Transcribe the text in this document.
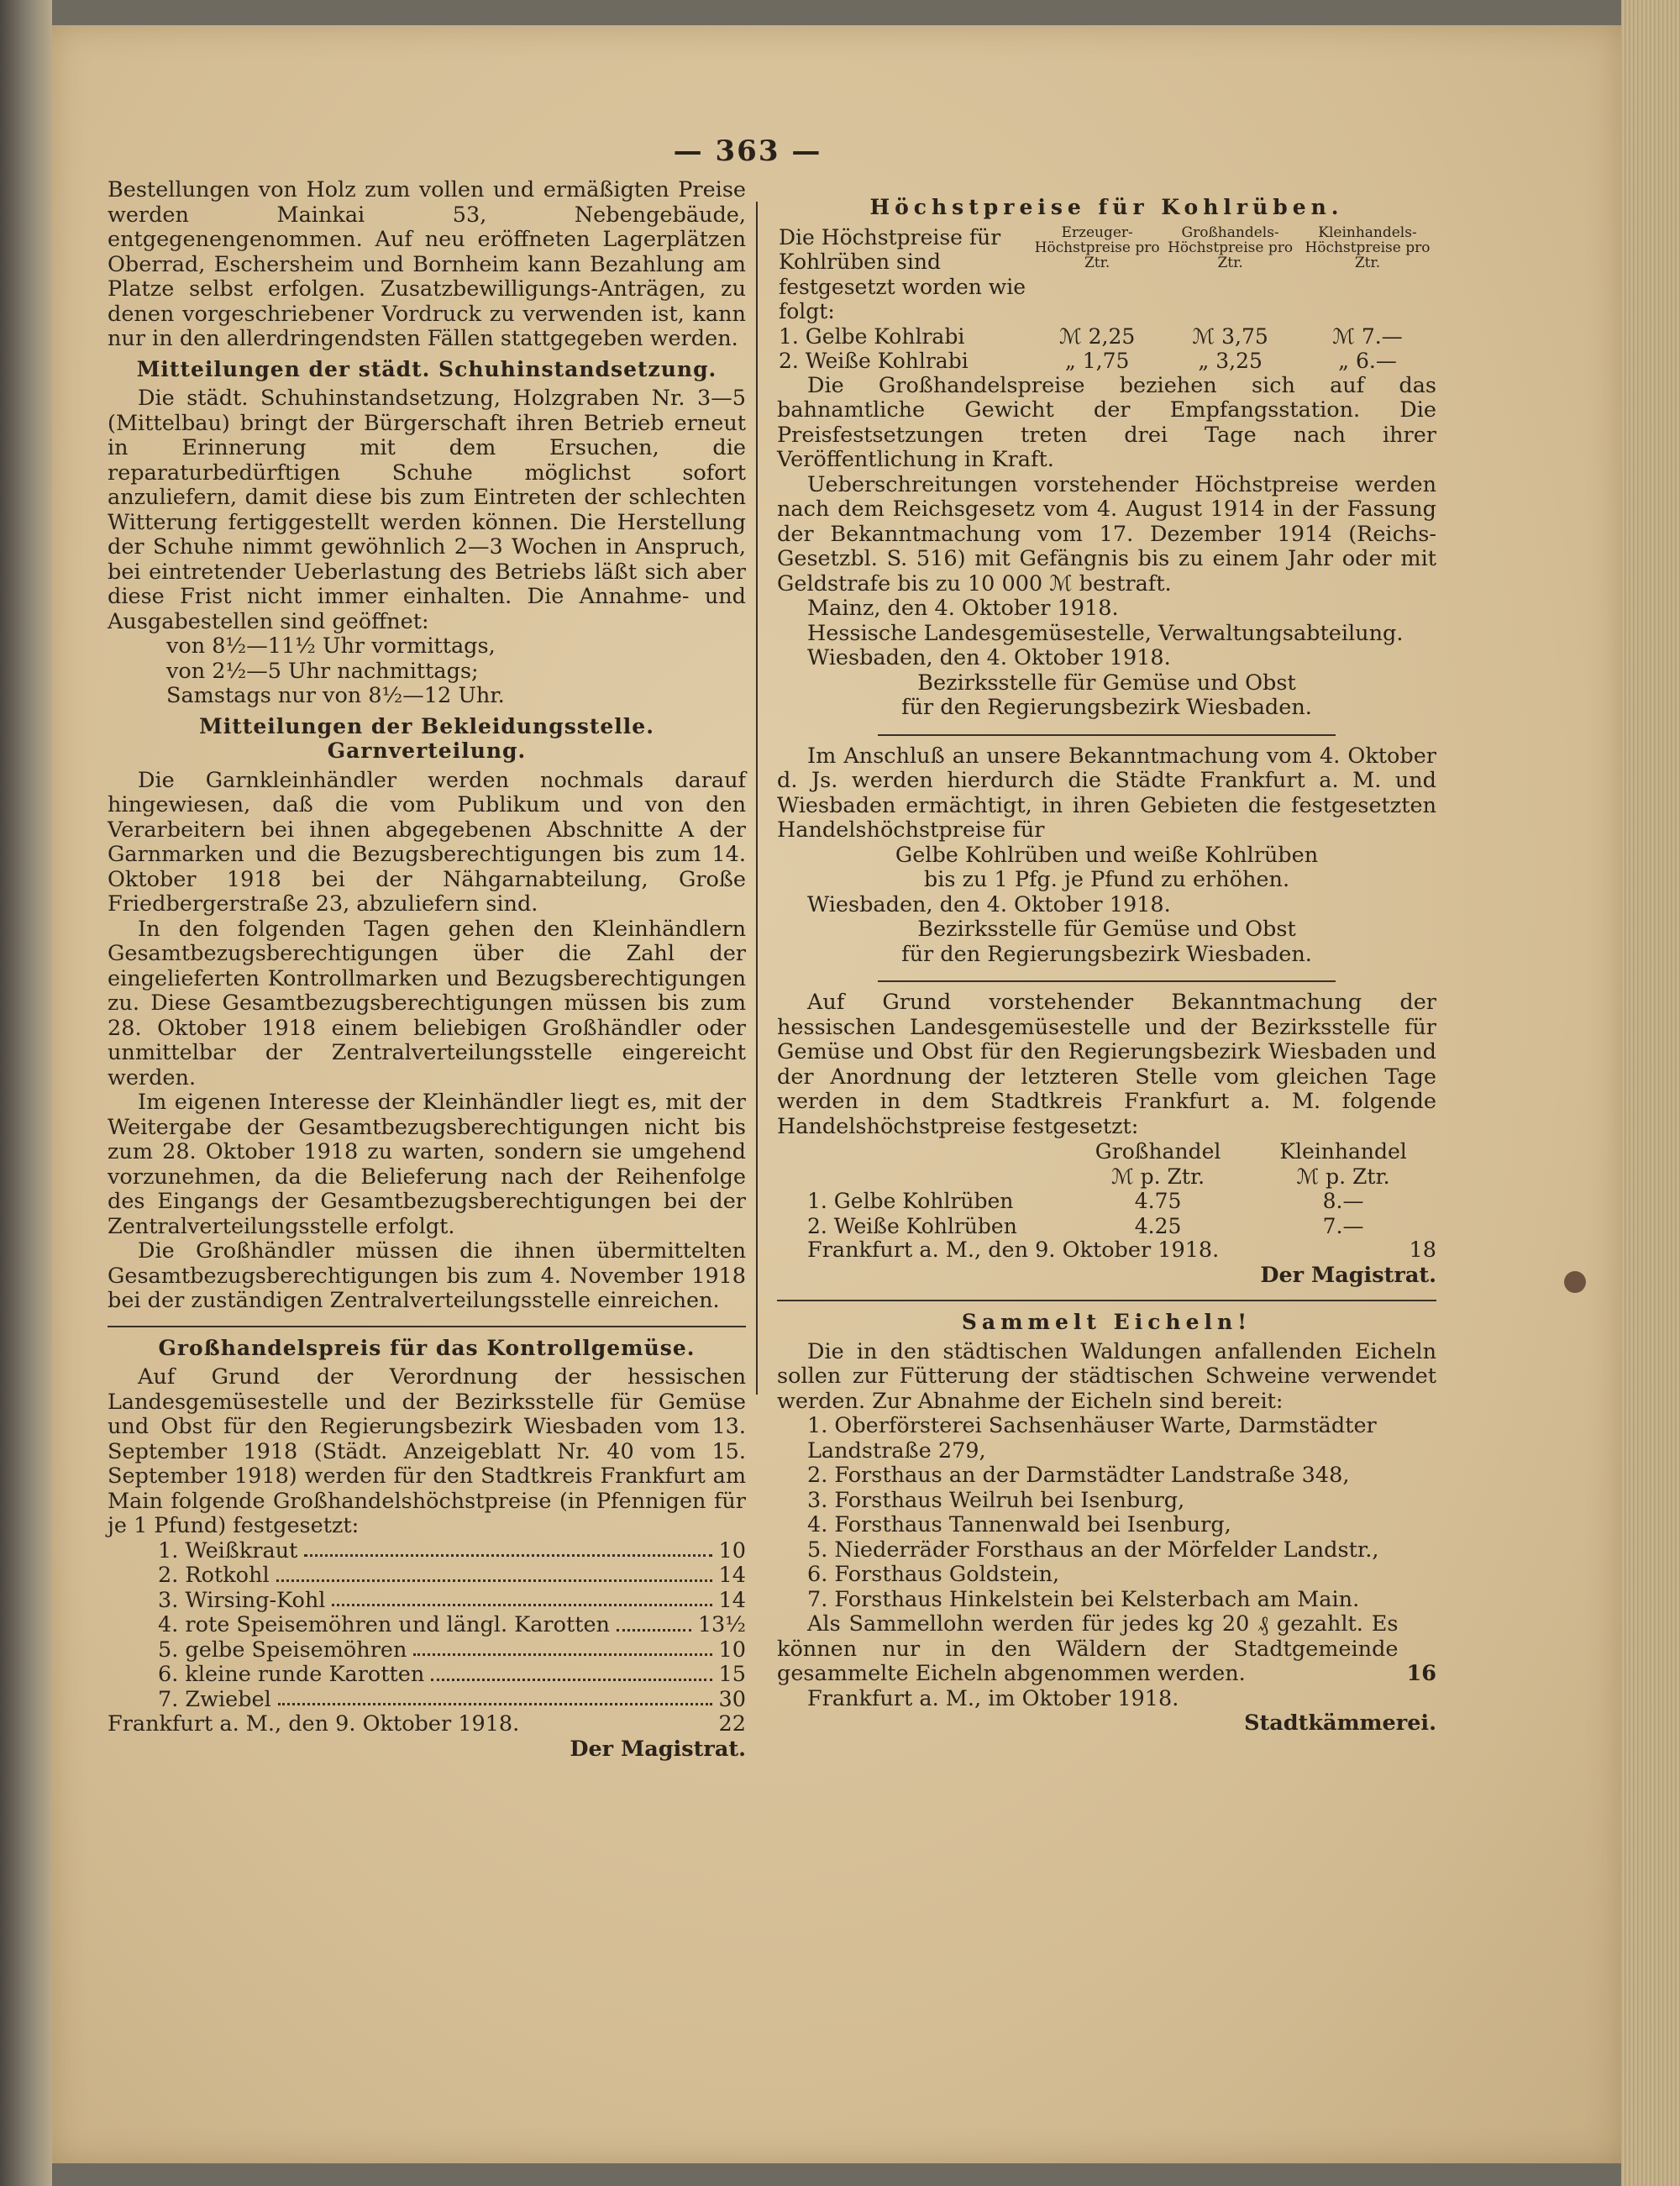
— 363 —

Bestellungen von Holz zum vollen und ermäßigten Preise werden Mainkai 53, Nebengebäude, entgegenengenommen. Auf neu eröffneten Lagerplätzen Oberrad, Eschersheim und Bornheim kann Bezahlung am Platze selbst erfolgen. Zusatzbewilligungs-Anträgen, zu denen vorgeschriebener Vordruck zu verwenden ist, kann nur in den allerdringendsten Fällen stattgegeben werden.

Mitteilungen der städt. Schuhinstandsetzung.

Die städt. Schuhinstandsetzung, Holzgraben Nr. 3—5 (Mittelbau) bringt der Bürgerschaft ihren Betrieb erneut in Erinnerung mit dem Ersuchen, die reparaturbedürftigen Schuhe möglichst sofort anzuliefern, damit diese bis zum Eintreten der schlechten Witterung fertiggestellt werden können. Die Herstellung der Schuhe nimmt gewöhnlich 2—3 Wochen in Anspruch, bei eintretender Ueberlastung des Betriebs läßt sich aber diese Frist nicht immer einhalten. Die Annahme- und Ausgabestellen sind geöffnet:

von 8½—11½ Uhr vormittags,
von 2½—5 Uhr nachmittags;
Samstags nur von 8½—12 Uhr.
Mitteilungen der Bekleidungsstelle.
Garnverteilung.

Die Garnkleinhändler werden nochmals darauf hingewiesen, daß die vom Publikum und von den Verarbeitern bei ihnen abgegebenen Abschnitte A der Garnmarken und die Bezugsberechtigungen bis zum 14. Oktober 1918 bei der Nähgarnabteilung, Große Friedbergerstraße 23, abzuliefern sind.

In den folgenden Tagen gehen den Kleinhändlern Gesamtbezugsberechtigungen über die Zahl der eingelieferten Kontrollmarken und Bezugsberechtigungen zu. Diese Gesamtbezugsberechtigungen müssen bis zum 28. Oktober 1918 einem beliebigen Großhändler oder unmittelbar der Zentralverteilungsstelle eingereicht werden.

Im eigenen Interesse der Kleinhändler liegt es, mit der Weitergabe der Gesamtbezugsberechtigungen nicht bis zum 28. Oktober 1918 zu warten, sondern sie umgehend vorzunehmen, da die Belieferung nach der Reihenfolge des Eingangs der Gesamtbezugsberechtigungen bei der Zentralverteilungsstelle erfolgt.

Die Großhändler müssen die ihnen übermittelten Gesamtbezugsberechtigungen bis zum 4. November 1918 bei der zuständigen Zentralverteilungsstelle einreichen.

Großhandelspreis für das Kontrollgemüse.

Auf Grund der Verordnung der hessischen Landesgemüsestelle und der Bezirksstelle für Gemüse und Obst für den Regierungsbezirk Wiesbaden vom 13. September 1918 (Städt. Anzeigeblatt Nr. 40 vom 15. September 1918) werden für den Stadtkreis Frankfurt am Main folgende Großhandelshöchstpreise (in Pfennigen für je 1 Pfund) festgesetzt:

1. Weißkraut	10
2. Rotkohl	14
3. Wirsing-Kohl	14
4. rote Speisemöhren und längl. Karotten	13½
5. gelbe Speisemöhren	10
6. kleine runde Karotten	15
7. Zwiebel	30
Frankfurt a. M., den 9. Oktober 1918.	22

Der Magistrat.

Höchstpreise für Kohlrüben.
Die Höchstpreise für Kohlrüben sind festgesetzt worden wie folgt:	Erzeuger-Höchstpreise pro Ztr.	Großhandels-Höchstpreise pro Ztr.	Kleinhandels-Höchstpreise pro Ztr.
1. Gelbe Kohlrabi	ℳ 2,25	ℳ 3,75	ℳ 7.—
2. Weiße Kohlrabi	„ 1,75	„ 3,25	„ 6.—

Die Großhandelspreise beziehen sich auf das bahnamtliche Gewicht der Empfangsstation. Die Preisfestsetzungen treten drei Tage nach ihrer Veröffentlichung in Kraft.

Ueberschreitungen vorstehender Höchstpreise werden nach dem Reichsgesetz vom 4. August 1914 in der Fassung der Bekanntmachung vom 17. Dezember 1914 (Reichs-Gesetzbl. S. 516) mit Gefängnis bis zu einem Jahr oder mit Geldstrafe bis zu 10 000 ℳ bestraft.

Mainz, den 4. Oktober 1918.

Hessische Landesgemüsestelle, Verwaltungsabteilung.

Wiesbaden, den 4. Oktober 1918.

Bezirksstelle für Gemüse und Obst

für den Regierungsbezirk Wiesbaden.

Im Anschluß an unsere Bekanntmachung vom 4. Oktober d. Js. werden hierdurch die Städte Frankfurt a. M. und Wiesbaden ermächtigt, in ihren Gebieten die festgesetzten Handelshöchstpreise für

Gelbe Kohlrüben und weiße Kohlrüben

bis zu 1 Pfg. je Pfund zu erhöhen.

Wiesbaden, den 4. Oktober 1918.

Bezirksstelle für Gemüse und Obst

für den Regierungsbezirk Wiesbaden.

Auf Grund vorstehender Bekanntmachung der hessischen Landesgemüsestelle und der Bezirksstelle für Gemüse und Obst für den Regierungsbezirk Wiesbaden und der Anordnung der letzteren Stelle vom gleichen Tage werden in dem Stadtkreis Frankfurt a. M. folgende Handelshöchstpreise festgesetzt:

	Großhandel	Kleinhandel
	ℳ p. Ztr.	ℳ p. Ztr.
1. Gelbe Kohlrüben	4.75	8.—
2. Weiße Kohlrüben	4.25	7.—
Frankfurt a. M., den 9. Oktober 1918.	18

Der Magistrat.

Sammelt Eicheln!

Die in den städtischen Waldungen anfallenden Eicheln sollen zur Fütterung der städtischen Schweine verwendet werden. Zur Abnahme der Eicheln sind bereit:

1. Oberförsterei Sachsenhäuser Warte, Darmstädter Landstraße 279,
2. Forsthaus an der Darmstädter Landstraße 348,
3. Forsthaus Weilruh bei Isenburg,
4. Forsthaus Tannenwald bei Isenburg,
5. Niederräder Forsthaus an der Mörfelder Landstr.,
6. Forsthaus Goldstein,
7. Forsthaus Hinkelstein bei Kelsterbach am Main.

Als Sammellohn werden für jedes kg 20 ₰ gezahlt. Es können nur in den Wäldern der Stadtgemeinde gesammelte Eicheln abgenommen werden.	16

Frankfurt a. M., im Oktober 1918.

Stadtkämmerei.
